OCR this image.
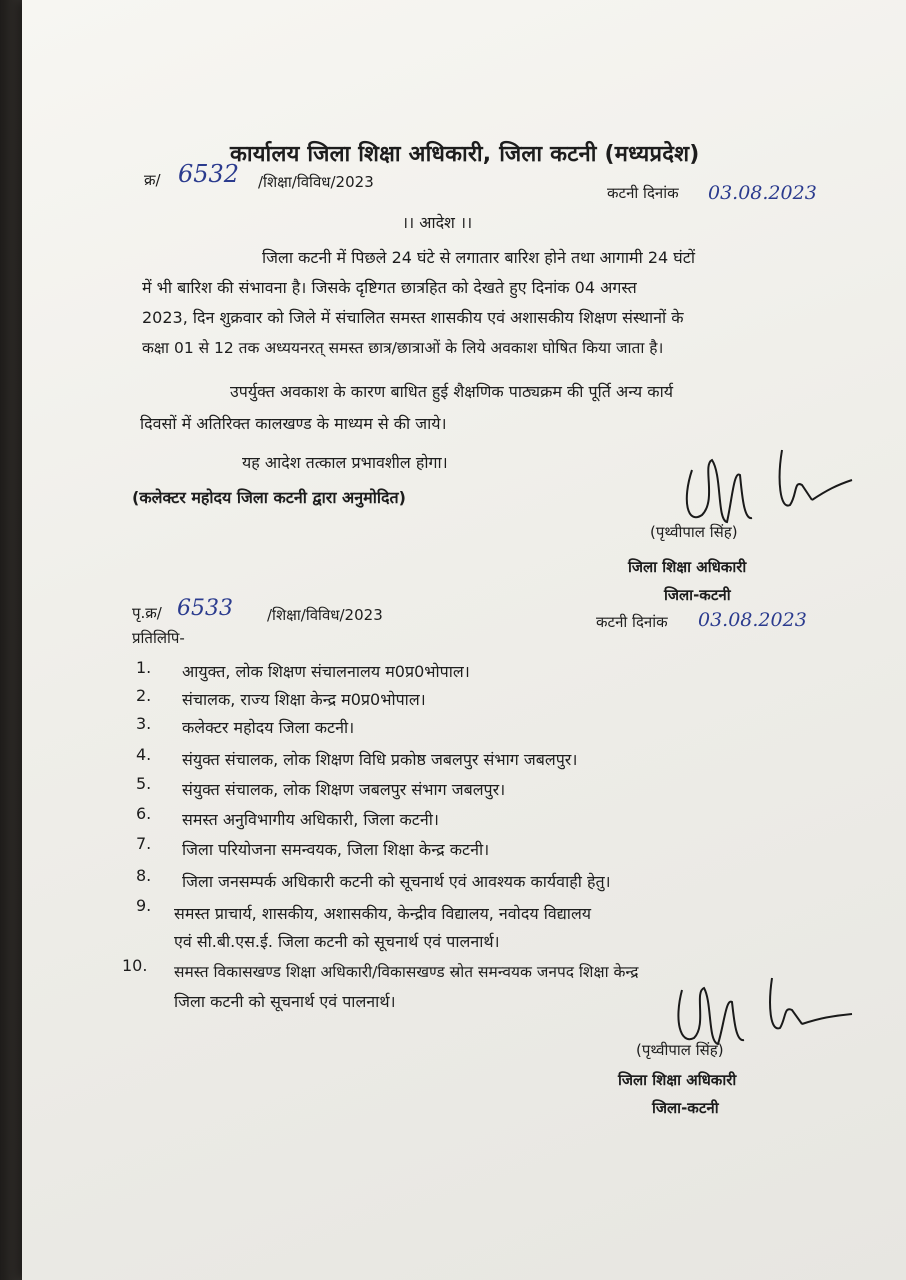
कार्यालय जिला शिक्षा अधिकारी, जिला कटनी (मध्यप्रदेश)
क्र/ 6532 /शिक्षा/विविध/2023
कटनी दिनांक 03.08.2023
।। आदेश ।।
जिला कटनी में पिछले 24 घंटे से लगातार बारिश होने तथा आगामी 24 घंटों
में भी बारिश की संभावना है। जिसके दृष्टिगत छात्रहित को देखते हुए दिनांक 04 अगस्त
2023, दिन शुक्रवार को जिले में संचालित समस्त शासकीय एवं अशासकीय शिक्षण संस्थानों के
कक्षा 01 से 12 तक अध्ययनरत् समस्त छात्र/छात्राओं के लिये अवकाश घोषित किया जाता है।
उपर्युक्त अवकाश के कारण बाधित हुई शैक्षणिक पाठ्यक्रम की पूर्ति अन्य कार्य
दिवसों में अतिरिक्त कालखण्ड के माध्यम से की जाये।
यह आदेश तत्काल प्रभावशील होगा।
(कलेक्टर महोदय जिला कटनी द्वारा अनुमोदित)
(पृथ्वीपाल सिंह)
जिला शिक्षा अधिकारी
जिला-कटनी
पृ.क्र/ 6533 /शिक्षा/विविध/2023	कटनी दिनांक 03.08.2023
प्रतिलिपि-
1. आयुक्त, लोक शिक्षण संचालनालय म0प्र0भोपाल।
2. संचालक, राज्य शिक्षा केन्द्र म0प्र0भोपाल।
3. कलेक्टर महोदय जिला कटनी।
4. संयुक्त संचालक, लोक शिक्षण विधि प्रकोष्ठ जबलपुर संभाग जबलपुर।
5. संयुक्त संचालक, लोक शिक्षण जबलपुर संभाग जबलपुर।
6. समस्त अनुविभागीय अधिकारी, जिला कटनी।
7. जिला परियोजना समन्वयक, जिला शिक्षा केन्द्र कटनी।
8. जिला जनसम्पर्क अधिकारी कटनी को सूचनार्थ एवं आवश्यक कार्यवाही हेतु।
9. समस्त प्राचार्य, शासकीय, अशासकीय, केन्द्रीव विद्यालय, नवोदय विद्यालय
एवं सी.बी.एस.ई. जिला कटनी को सूचनार्थ एवं पालनार्थ।
10. समस्त विकासखण्ड शिक्षा अधिकारी/विकासखण्ड स्रोत समन्वयक जनपद शिक्षा केन्द्र
जिला कटनी को सूचनार्थ एवं पालनार्थ।
(पृथ्वीपाल सिंह)
जिला शिक्षा अधिकारी
जिला-कटनी
